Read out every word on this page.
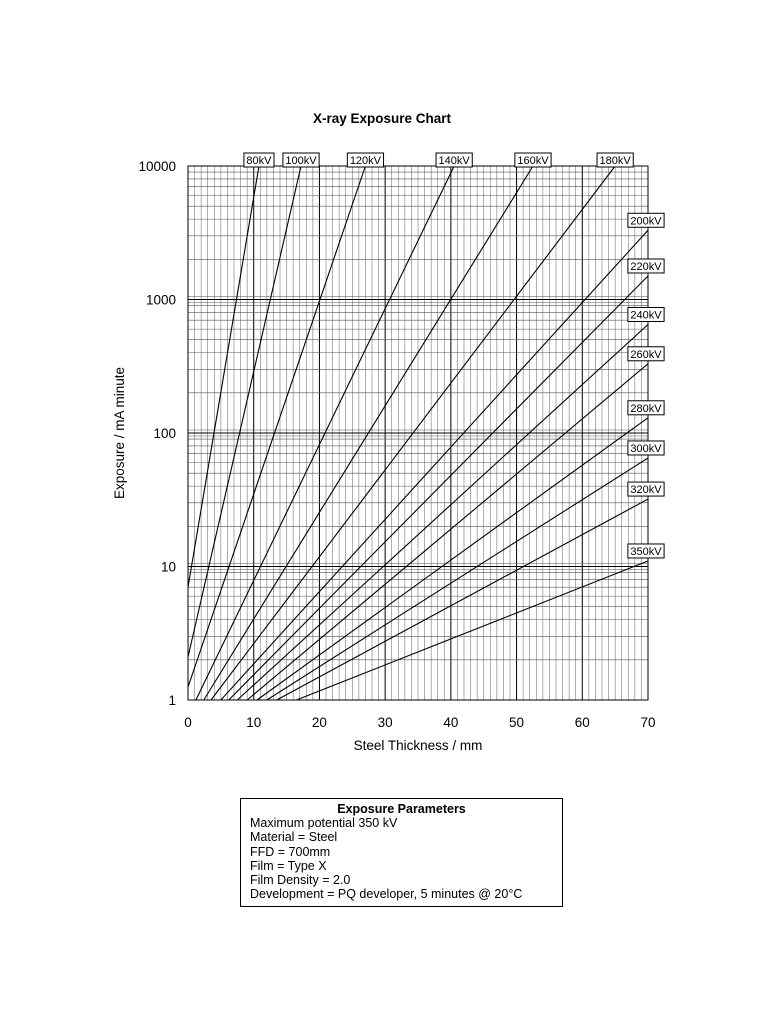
X-ray Exposure Chart
0	10	20	30	40	50	60	70
1
10
100
1000
10000
Steel Thickness / mm
Exposure / mA minute
80kV 100kV	120kV	140kV	160kV	180kV
200kV
220kV
240kV
260kV
280kV
300kV
320kV
350kV
Exposure Parameters
Maximum potential 350 kV
Material = Steel
FFD = 700mm
Film = Type X
Film Density = 2.0
Development = PQ developer, 5 minutes @ 20°C
